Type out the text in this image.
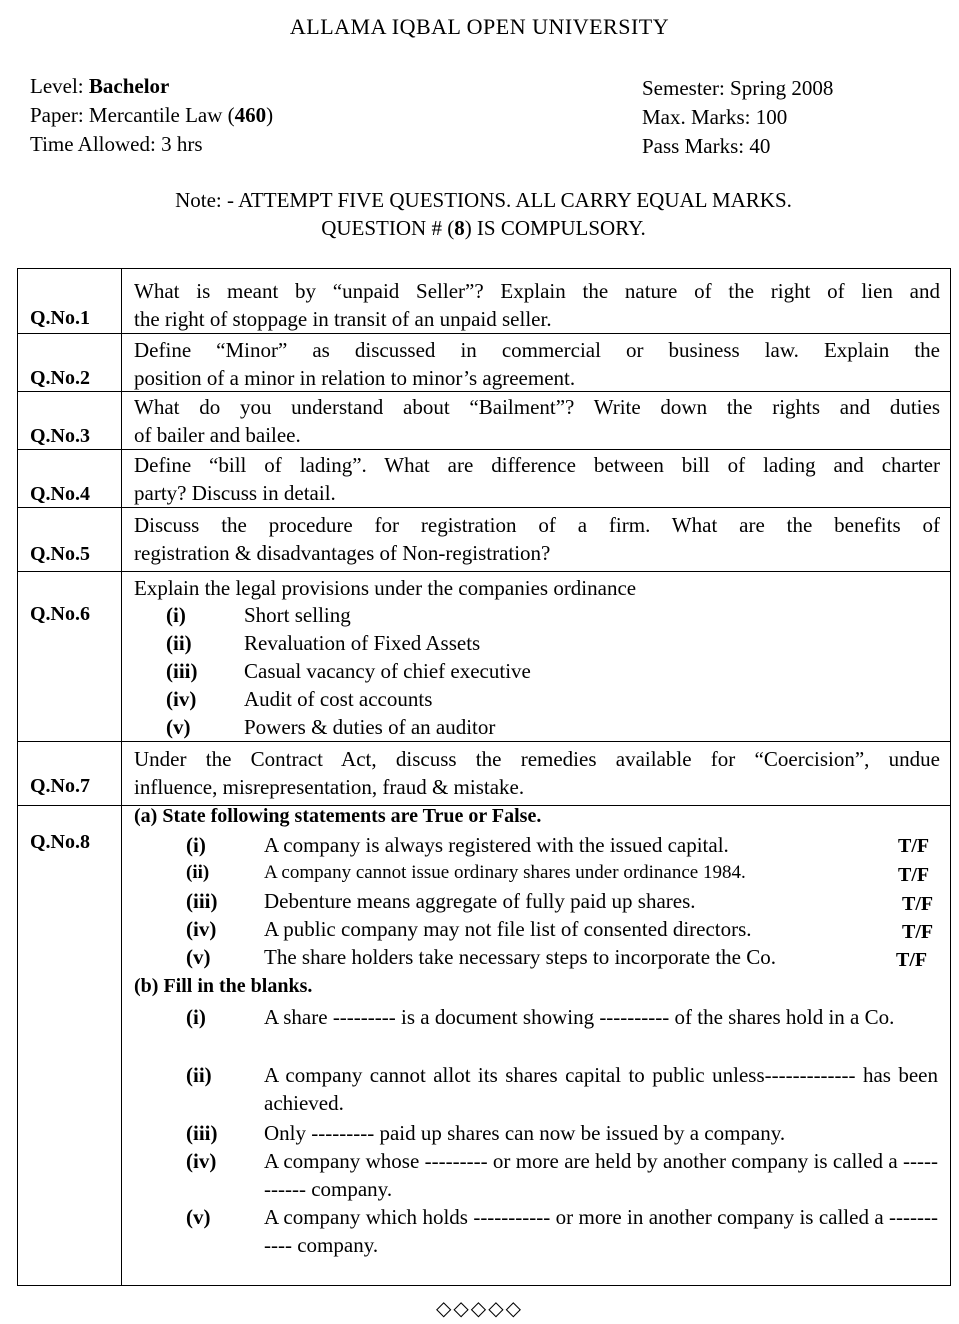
ALLAMA IQBAL OPEN UNIVERSITY
Level: Bachelor
Paper: Mercantile Law (460)
Time Allowed: 3 hrs
Semester: Spring 2008
Max. Marks: 100
Pass Marks: 40
Note: - ATTEMPT FIVE QUESTIONS. ALL CARRY EQUAL MARKS.
QUESTION # (8) IS COMPULSORY.
Q.No.1
What is meant by “unpaid Seller”? Explain the nature of the right of lien and
the right of stoppage in transit of an unpaid seller.
Q.No.2
Define “Minor” as discussed in commercial or business law. Explain the
position of a minor in relation to minor’s agreement.
Q.No.3
What do you understand about “Bailment”? Write down the rights and duties
of bailer and bailee.
Q.No.4
Define “bill of lading”. What are difference between bill of lading and charter
party? Discuss in detail.
Q.No.5
Discuss the procedure for registration of a firm. What are the benefits of
registration & disadvantages of Non-registration?
Q.No.6
Explain the legal provisions under the companies ordinance
(i)	Short selling
(ii) Revaluation of Fixed Assets
(iii) Casual vacancy of chief executive
(iv) Audit of cost accounts
(v)	Powers & duties of an auditor
Q.No.7
Under the Contract Act, discuss the remedies available for “Coercision”, undue
influence, misrepresentation, fraud & mistake.
Q.No.8
(a) State following statements are True or False.
(i)	A company is always registered with the issued capital.	T/F
(ii)	A company cannot issue ordinary shares under ordinance 1984.	T/F
(iii) Debenture means aggregate of fully paid up shares.	T/F
(iv) A public company may not file list of consented directors.	T/F
(v)	The share holders take necessary steps to incorporate the Co.	T/F
(b) Fill in the blanks.
(i)	A share --------- is a document showing ---------- of the shares hold in a Co.
(ii) A company cannot allot its shares capital to public unless------------- has been achieved.
(iii) Only --------- paid up shares can now be issued by a company.
(iv) A company whose --------- or more are held by another company is called a ----------- company.
(v)	A company which holds ----------- or more in another company is called a ----------- company.
◇◇◇◇◇
